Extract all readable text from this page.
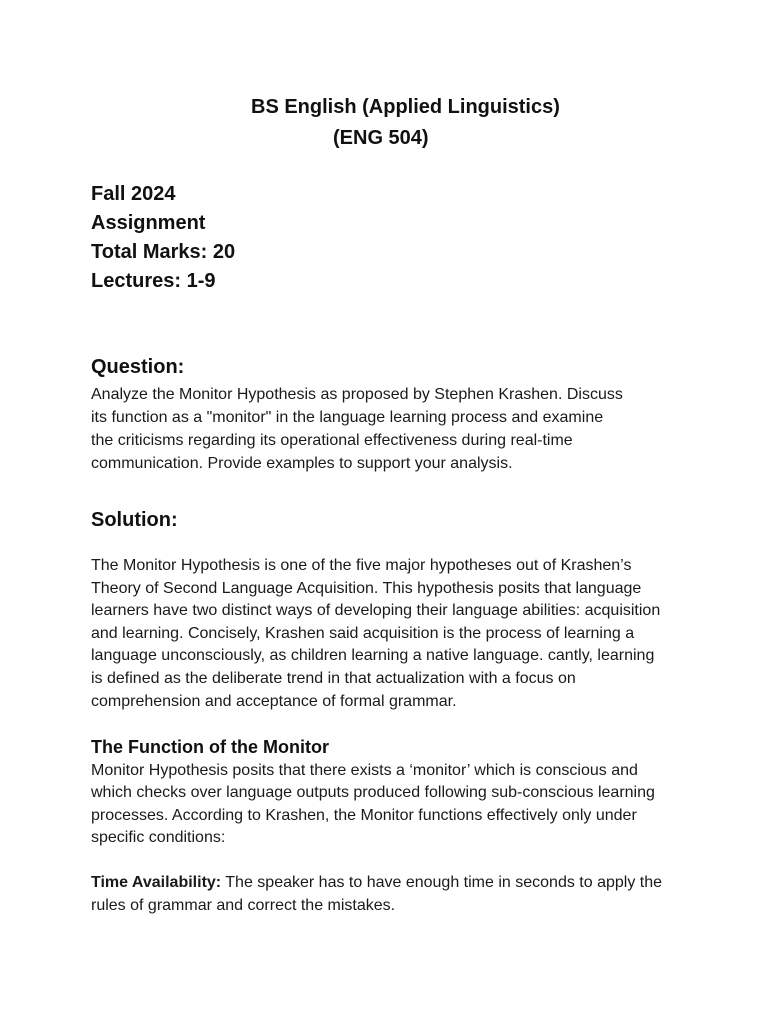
BS English (Applied Linguistics)
(ENG 504)
Fall 2024
Assignment
Total Marks: 20
Lectures: 1-9
Question:
Analyze the Monitor Hypothesis as proposed by Stephen Krashen. Discuss
its function as a "monitor" in the language learning process and examine
the criticisms regarding its operational effectiveness during real-time
communication. Provide examples to support your analysis.
Solution:
The Monitor Hypothesis is one of the five major hypotheses out of Krashen’s
Theory of Second Language Acquisition. This hypothesis posits that language
learners have two distinct ways of developing their language abilities: acquisition
and learning. Concisely, Krashen said acquisition is the process of learning a
language unconsciously, as children learning a native language. cantly, learning
is defined as the deliberate trend in that actualization with a focus on
comprehension and acceptance of formal grammar.
The Function of the Monitor
Monitor Hypothesis posits that there exists a ‘monitor’ which is conscious and
which checks over language outputs produced following sub-conscious learning
processes. According to Krashen, the Monitor functions effectively only under
specific conditions:
Time Availability: The speaker has to have enough time in seconds to apply the
rules of grammar and correct the mistakes.
